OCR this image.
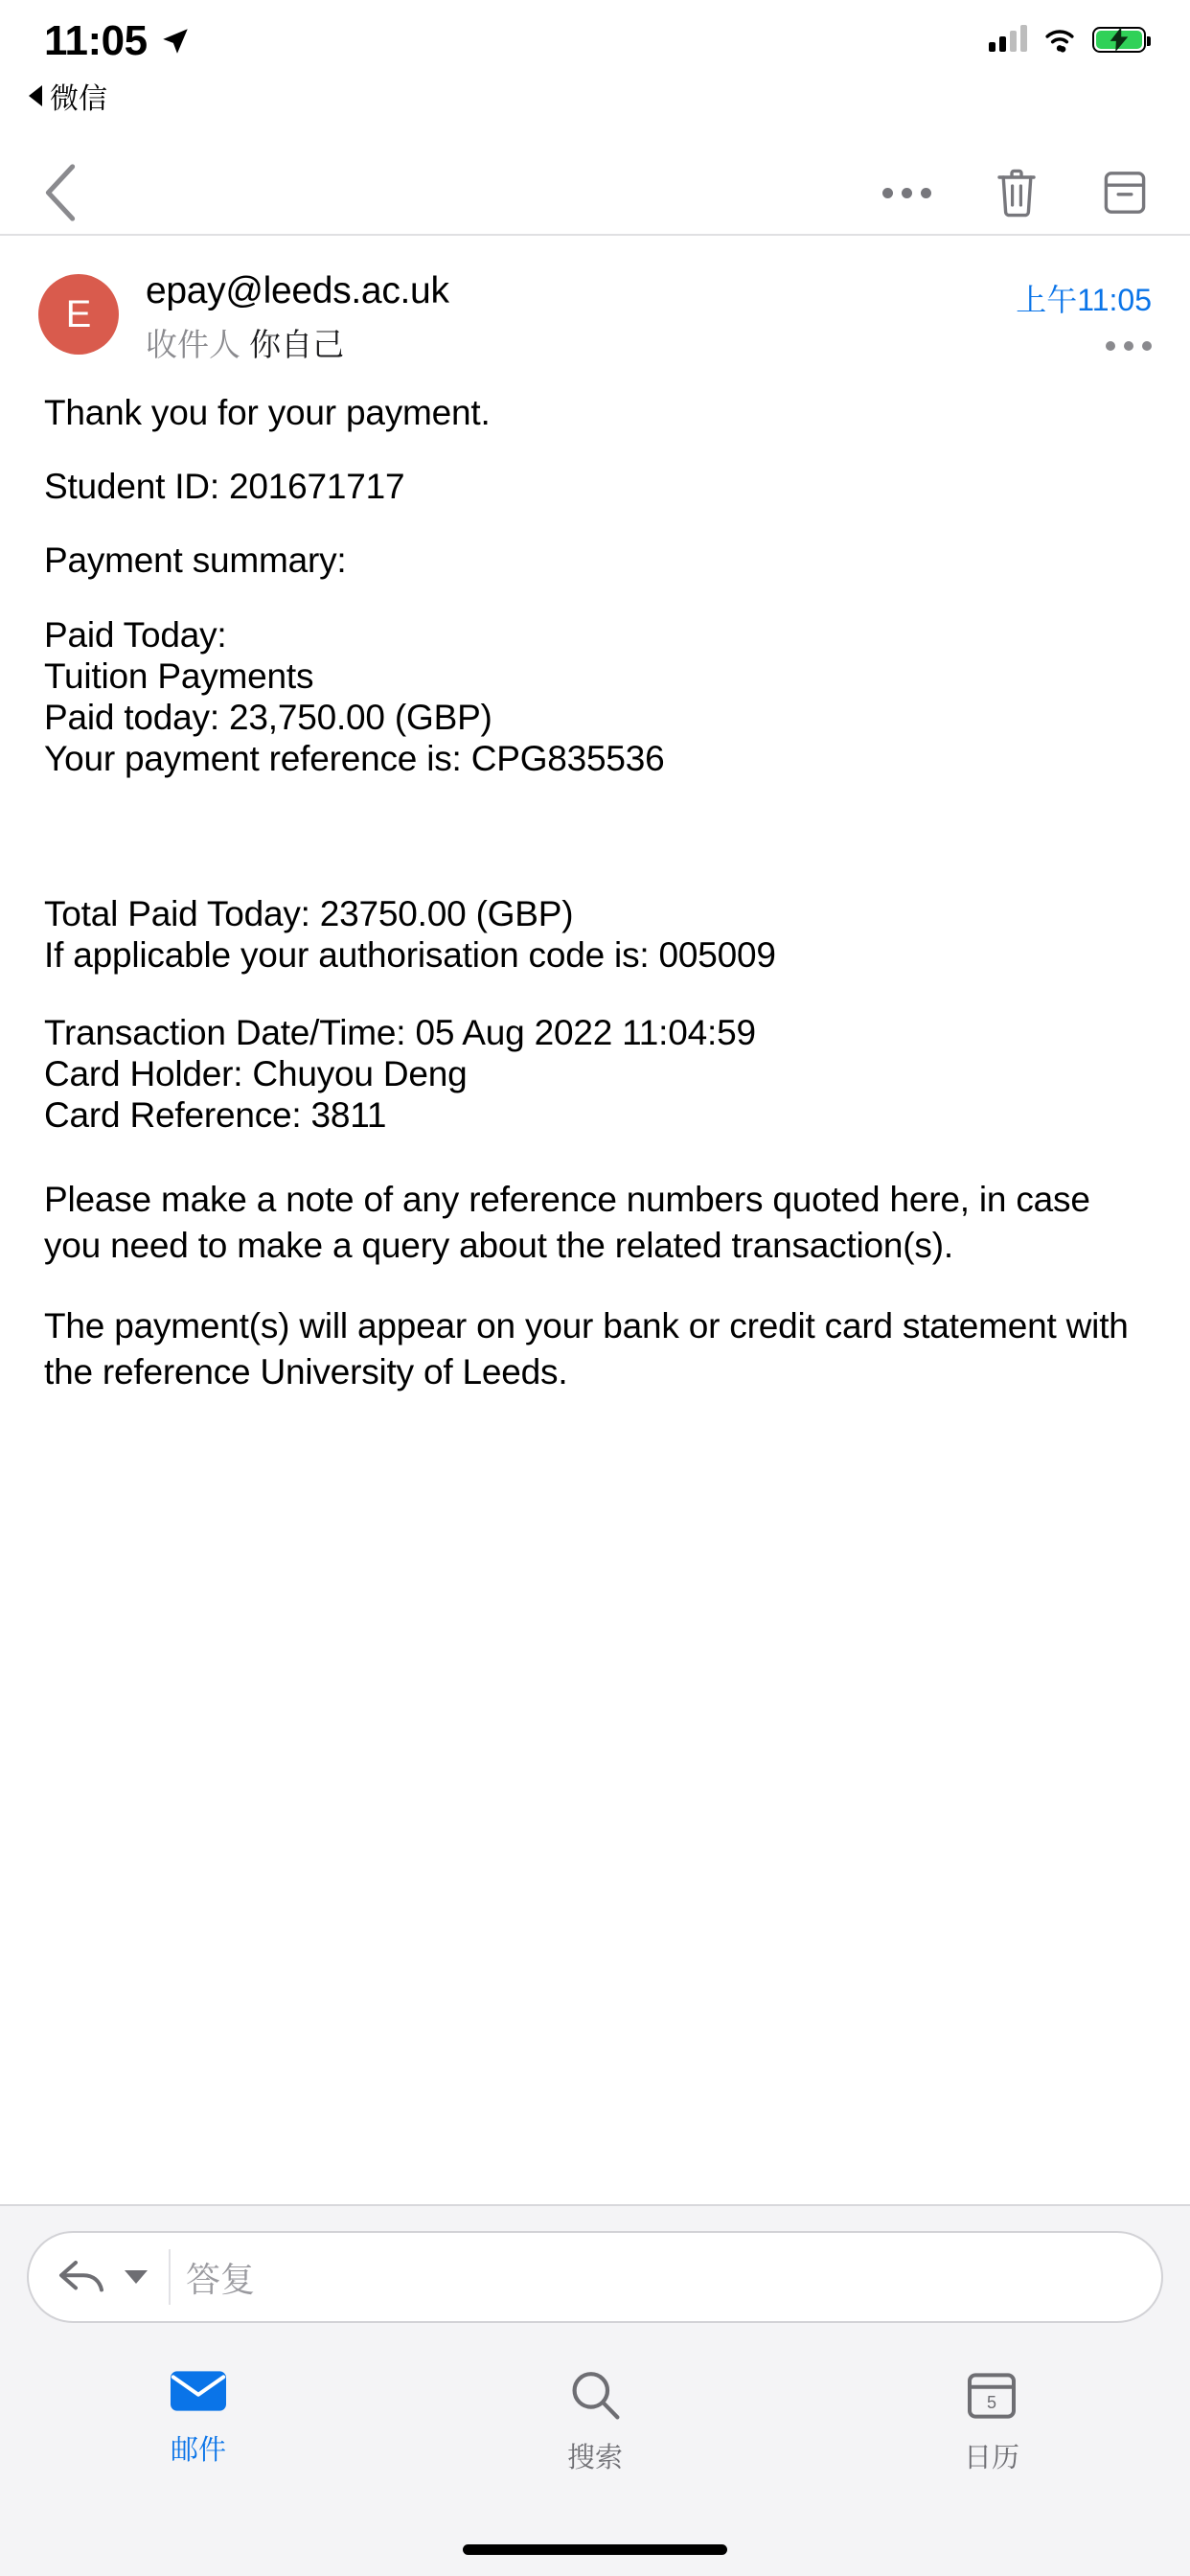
11:05
微信
E
epay@leeds.ac.uk
收件人 你自己
上午11:05

Thank you for your payment.

Student ID: 201671717

Payment summary:

Paid Today:
Tuition Payments
Paid today: 23,750.00 (GBP)
Your payment reference is: CPG835536

Total Paid Today: 23750.00 (GBP)
If applicable your authorisation code is: 005009

Transaction Date/Time: 05 Aug 2022 11:04:59
Card Holder: Chuyou Deng
Card Reference: 3811

Please make a note of any reference numbers quoted here, in case you need to make a query about the related transaction(s).

The payment(s) will appear on your bank or credit card statement with the reference University of Leeds.

答复
邮件	搜索
5
日历
